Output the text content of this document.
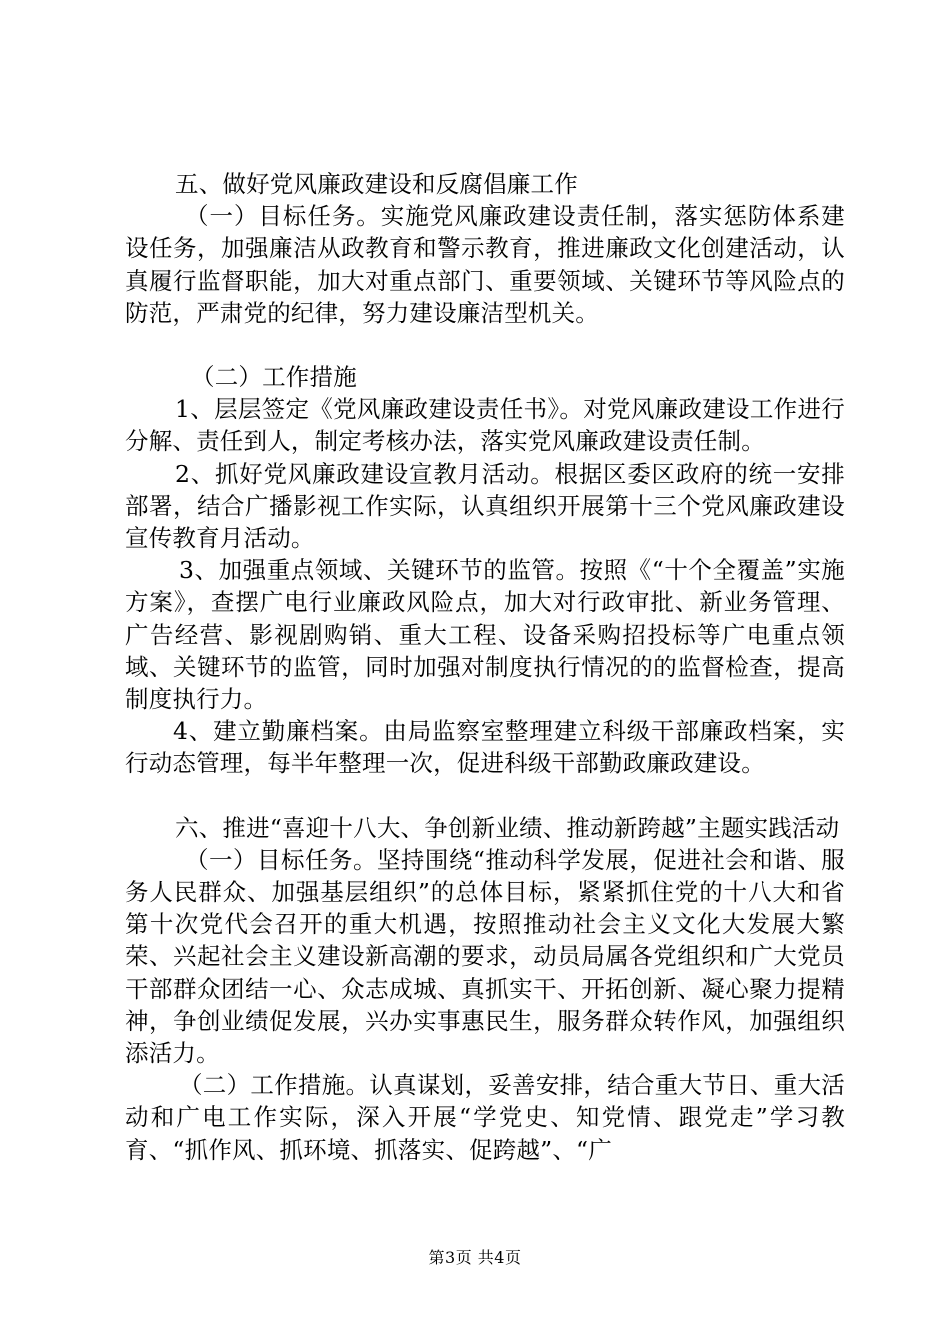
五、做好党风廉政建设和反腐倡廉工作

（一）目标任务。实施党风廉政建设责任制，落实惩防体系建设任务，加强廉洁从政教育和警示教育，推进廉政文化创建活动，认真履行监督职能，加大对重点部门、重要领域、关键环节等风险点的防范，严肃党的纪律，努力建设廉洁型机关。

（二）工作措施

1、层层签定《党风廉政建设责任书》。对党风廉政建设工作进行分解、责任到人，制定考核办法，落实党风廉政建设责任制。

2、抓好党风廉政建设宣教月活动。根据区委区政府的统一安排部署，结合广播影视工作实际，认真组织开展第十三个党风廉政建设宣传教育月活动。

3、加强重点领域、关键环节的监管。按照《“十个全覆盖”实施方案》，查摆广电行业廉政风险点，加大对行政审批、新业务管理、广告经营、影视剧购销、重大工程、设备采购招投标等广电重点领域、关键环节的监管，同时加强对制度执行情况的的监督检查，提高制度执行力。

4、建立勤廉档案。由局监察室整理建立科级干部廉政档案，实行动态管理，每半年整理一次，促进科级干部勤政廉政建设。

六、推进“喜迎十八大、争创新业绩、推动新跨越”主题实践活动

（一）目标任务。坚持围绕“推动科学发展，促进社会和谐、服务人民群众、加强基层组织”的总体目标，紧紧抓住党的十八大和省第十次党代会召开的重大机遇，按照推动社会主义文化大发展大繁荣、兴起社会主义建设新高潮的要求，动员局属各党组织和广大党员干部群众团结一心、众志成城、真抓实干、开拓创新、凝心聚力提精神，争创业绩促发展，兴办实事惠民生，服务群众转作风，加强组织添活力。

（二）工作措施。认真谋划，妥善安排，结合重大节日、重大活动和广电工作实际，深入开展“学党史、知党情、跟党走”学习教育、“抓作风、抓环境、抓落实、促跨越”、“广

第3页 共4页
